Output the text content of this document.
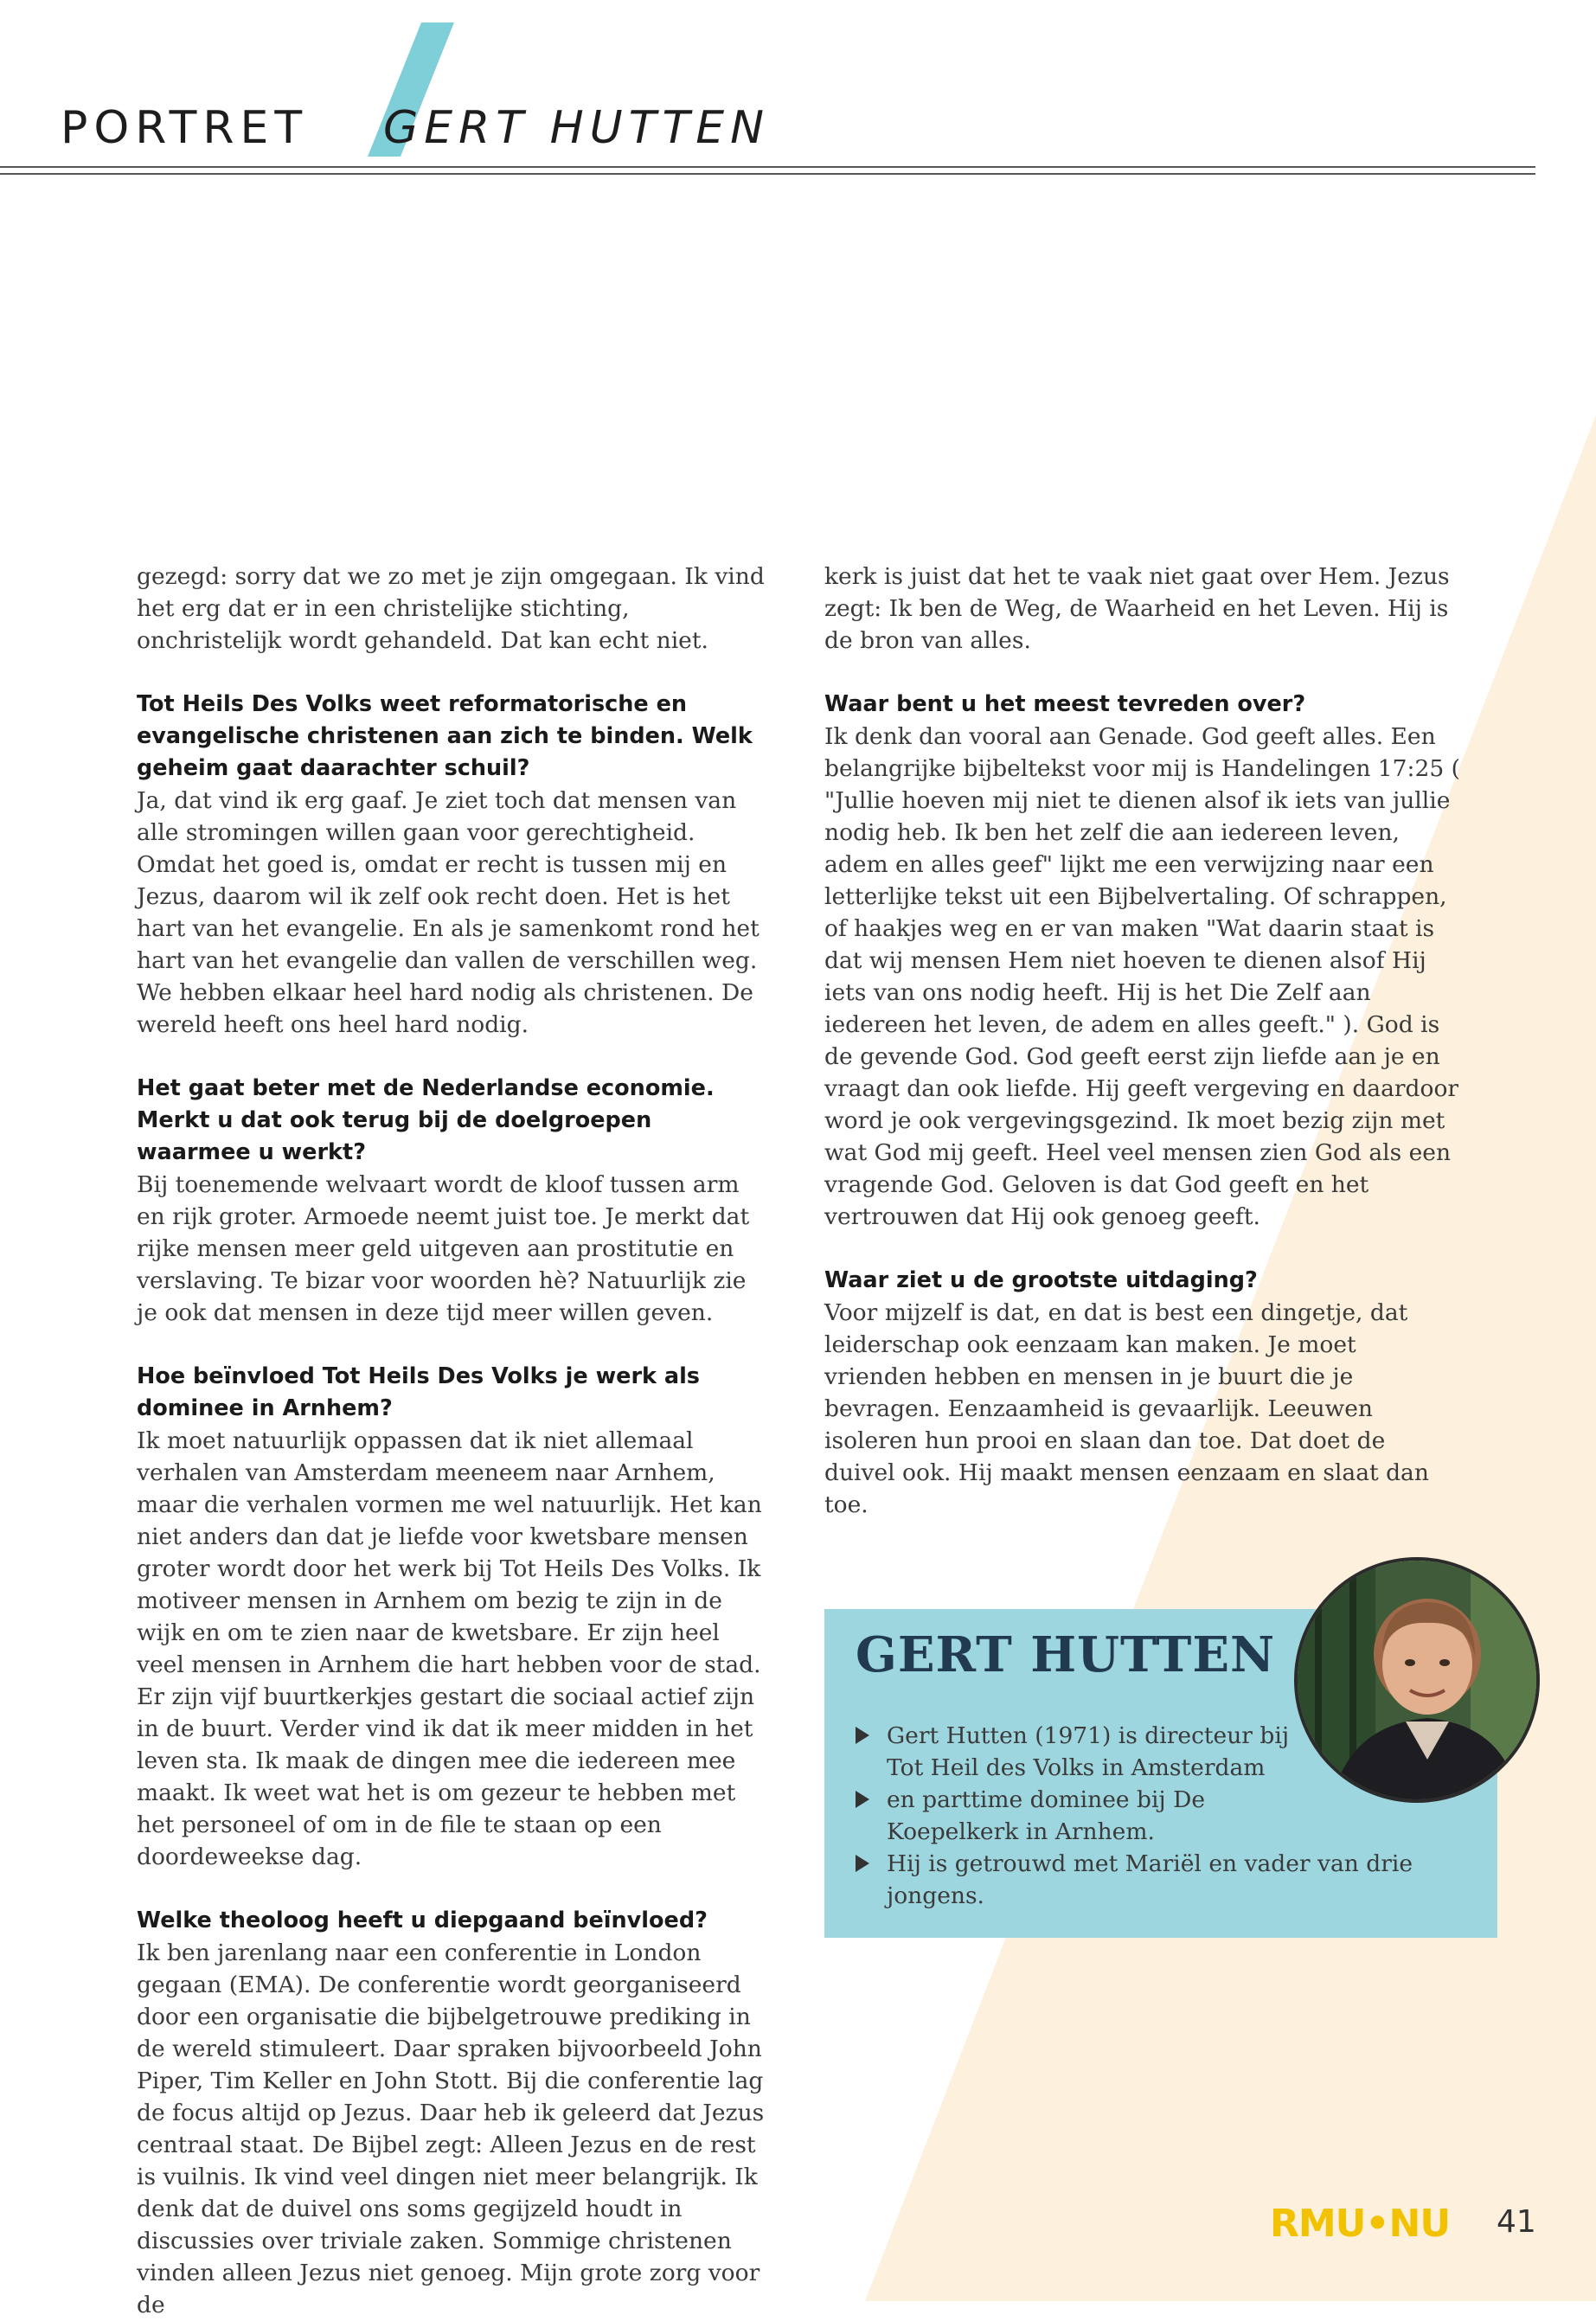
PORTRET GERT HUTTEN

gezegd: sorry dat we zo met je zijn omgegaan. Ik vind het erg dat er in een christelijke stichting, onchristelijk wordt gehandeld. Dat kan echt niet.

Tot Heils Des Volks weet reformatorische en evangelische christenen aan zich te binden. Welk geheim gaat daarachter schuil?

Ja, dat vind ik erg gaaf. Je ziet toch dat mensen van alle stromingen willen gaan voor gerechtigheid. Omdat het goed is, omdat er recht is tussen mij en Jezus, daarom wil ik zelf ook recht doen. Het is het hart van het evangelie. En als je samenkomt rond het hart van het evangelie dan vallen de verschillen weg. We hebben elkaar heel hard nodig als christenen. De wereld heeft ons heel hard nodig.

Het gaat beter met de Nederlandse economie. Merkt u dat ook terug bij de doelgroepen waarmee u werkt?

Bij toenemende welvaart wordt de kloof tussen arm en rijk groter. Armoede neemt juist toe. Je merkt dat rijke mensen meer geld uitgeven aan prostitutie en verslaving. Te bizar voor woorden hè? Natuurlijk zie je ook dat mensen in deze tijd meer willen geven.

Hoe beïnvloed Tot Heils Des Volks je werk als dominee in Arnhem?

Ik moet natuurlijk oppassen dat ik niet allemaal verhalen van Amsterdam meeneem naar Arnhem, maar die verhalen vormen me wel natuurlijk. Het kan niet anders dan dat je liefde voor kwetsbare mensen groter wordt door het werk bij Tot Heils Des Volks. Ik motiveer mensen in Arnhem om bezig te zijn in de wijk en om te zien naar de kwetsbare. Er zijn heel veel mensen in Arnhem die hart hebben voor de stad. Er zijn vijf buurtkerkjes gestart die sociaal actief zijn in de buurt. Verder vind ik dat ik meer midden in het leven sta. Ik maak de dingen mee die iedereen mee maakt. Ik weet wat het is om gezeur te hebben met het personeel of om in de file te staan op een doordeweekse dag.

Welke theoloog heeft u diepgaand beïnvloed?

Ik ben jarenlang naar een conferentie in London gegaan (EMA). De conferentie wordt georganiseerd door een organisatie die bijbelgetrouwe prediking in de wereld stimuleert. Daar spraken bijvoorbeeld John Piper, Tim Keller en John Stott. Bij die conferentie lag de focus altijd op Jezus. Daar heb ik geleerd dat Jezus centraal staat. De Bijbel zegt: Alleen Jezus en de rest is vuilnis. Ik vind veel dingen niet meer belangrijk. Ik denk dat de duivel ons soms gegijzeld houdt in discussies over triviale zaken. Sommige christenen vinden alleen Jezus niet genoeg. Mijn grote zorg voor de

kerk is juist dat het te vaak niet gaat over Hem. Jezus zegt: Ik ben de Weg, de Waarheid en het Leven. Hij is de bron van alles.

Waar bent u het meest tevreden over?

Ik denk dan vooral aan Genade. God geeft alles. Een belangrijke bijbeltekst voor mij is Handelingen 17:25 ( "Jullie hoeven mij niet te dienen alsof ik iets van jullie nodig heb. Ik ben het zelf die aan iedereen leven, adem en alles geef" lijkt me een verwijzing naar een letterlijke tekst uit een Bijbelvertaling. Of schrappen, of haakjes weg en er van maken "Wat daarin staat is dat wij mensen Hem niet hoeven te dienen alsof Hij iets van ons nodig heeft. Hij is het Die Zelf aan iedereen het leven, de adem en alles geeft." ). God is de gevende God. God geeft eerst zijn liefde aan je en vraagt dan ook liefde. Hij geeft vergeving en daardoor word je ook vergevingsgezind. Ik moet bezig zijn met wat God mij geeft. Heel veel mensen zien God als een vragende God. Geloven is dat God geeft en het vertrouwen dat Hij ook genoeg geeft.

Waar ziet u de grootste uitdaging?

Voor mijzelf is dat, en dat is best een dingetje, dat leiderschap ook eenzaam kan maken. Je moet vrienden hebben en mensen in je buurt die je bevragen. Eenzaamheid is gevaarlijk. Leeuwen isoleren hun prooi en slaan dan toe. Dat doet de duivel ook. Hij maakt mensen eenzaam en slaat dan toe.

GERT HUTTEN
Gert Hutten (1971) is directeur bij Tot Heil des Volks in Amsterdam
en parttime dominee bij De Koepelkerk in Arnhem.
Hij is getrouwd met Mariël en vader van drie jongens.
RMU•NU 41
